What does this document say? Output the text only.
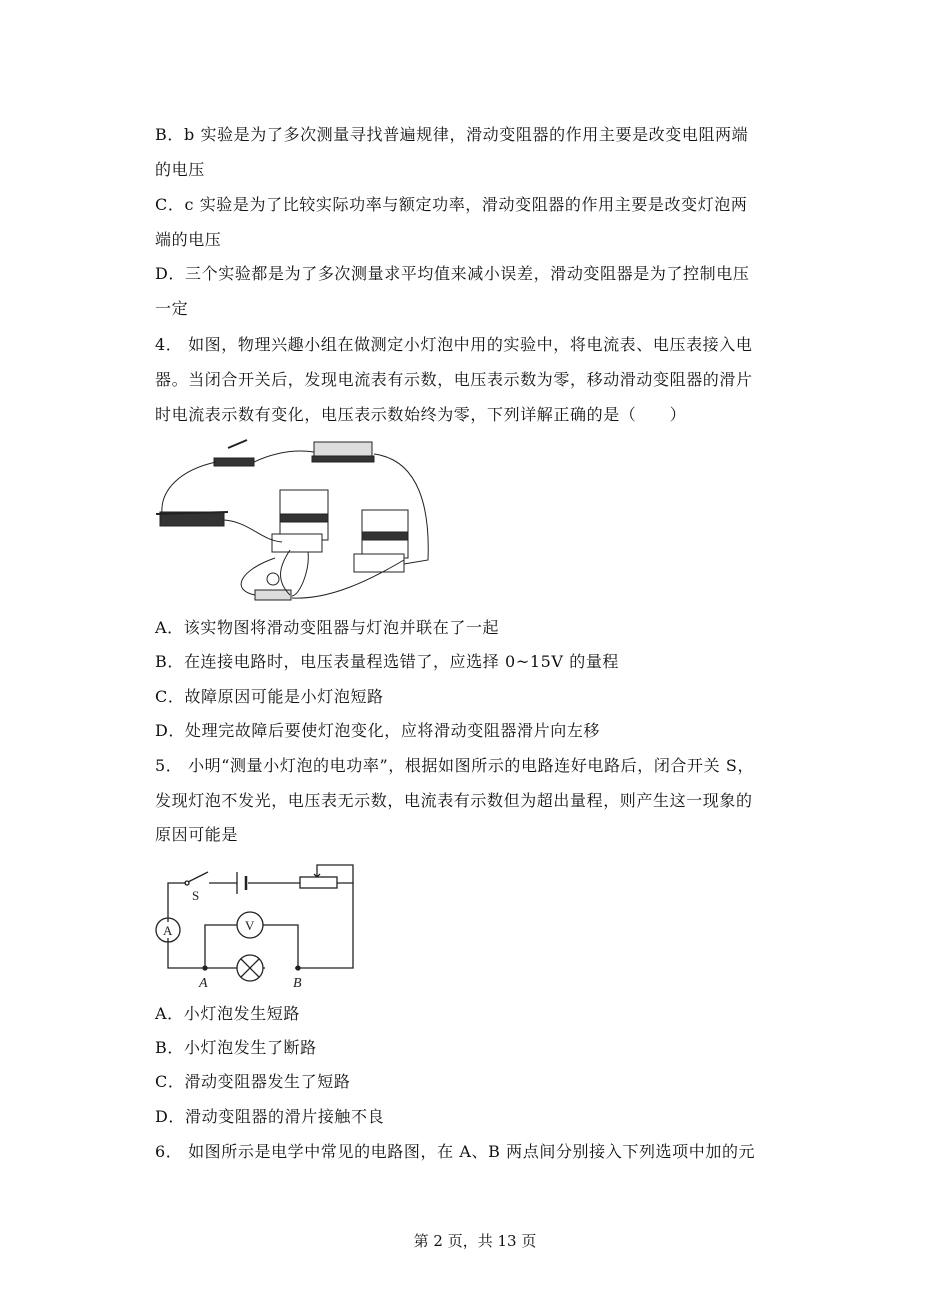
B．b 实验是为了多次测量寻找普遍规律，滑动变阻器的作用主要是改变电阻两端
的电压
C．c 实验是为了比较实际功率与额定功率，滑动变阻器的作用主要是改变灯泡两
端的电压
D．三个实验都是为了多次测量求平均值来减小误差，滑动变阻器是为了控制电压
一定
4． 如图，物理兴趣小组在做测定小灯泡中用的实验中，将电流表、电压表接入电
器。当闭合开关后，发现电流表有示数，电压表示数为零，移动滑动变阻器的滑片
时电流表示数有变化，电压表示数始终为零，下列详解正确的是（　　）
A．该实物图将滑动变阻器与灯泡并联在了一起
B．在连接电路时，电压表量程选错了，应选择 0~15V 的量程
C．故障原因可能是小灯泡短路
D．处理完故障后要使灯泡变化，应将滑动变阻器滑片向左移
5． 小明“测量小灯泡的电功率”，根据如图所示的电路连好电路后，闭合开关 S，
发现灯泡不发光，电压表无示数，电流表有示数但为超出量程，则产生这一现象的
原因可能是
S
A	V
A	B
A．小灯泡发生短路
B．小灯泡发生了断路
C．滑动变阻器发生了短路
D．滑动变阻器的滑片接触不良
6． 如图所示是电学中常见的电路图，在 A、B 两点间分别接入下列选项中加的元
第 2 页，共 13 页
